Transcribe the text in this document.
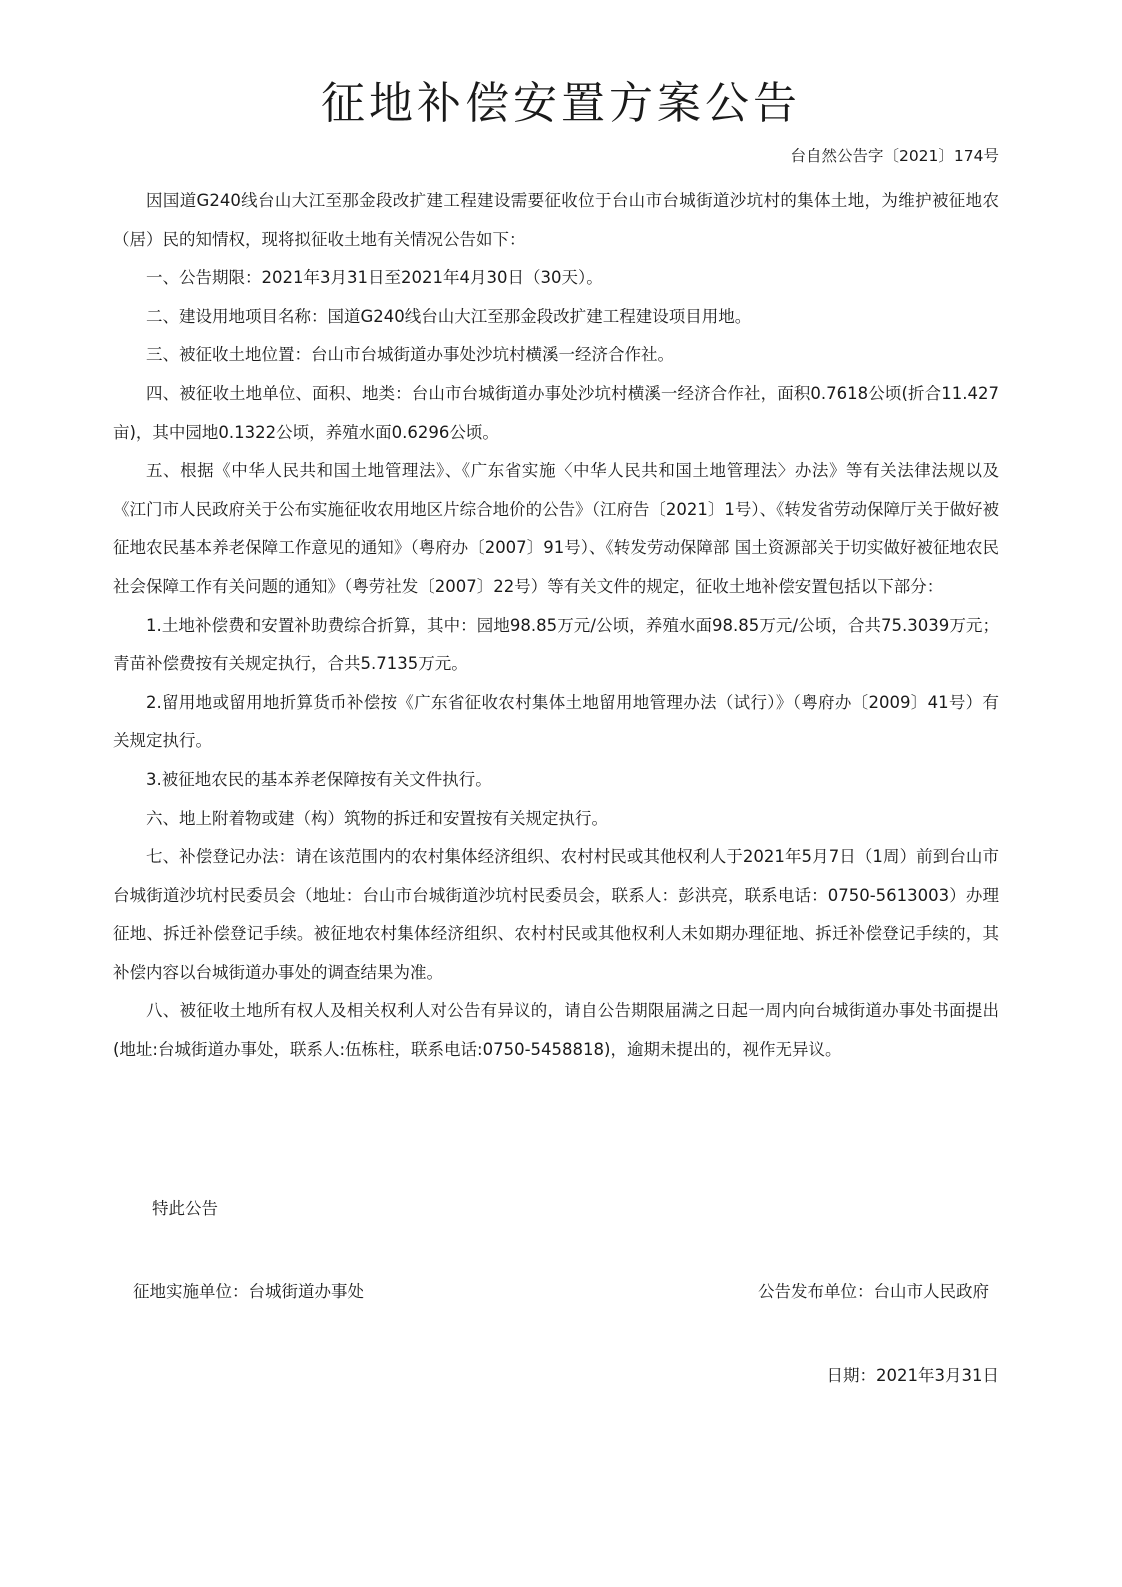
征地补偿安置方案公告
台自然公告字〔2021〕174号

因国道G240线台山大江至那金段改扩建工程建设需要征收位于台山市台城街道沙坑村的集体土地，为维护被征地农（居）民的知情权，现将拟征收土地有关情况公告如下：

一、公告期限：2021年3月31日至2021年4月30日（30天）。

二、建设用地项目名称：国道G240线台山大江至那金段改扩建工程建设项目用地。

三、被征收土地位置：台山市台城街道办事处沙坑村横溪一经济合作社。

四、被征收土地单位、面积、地类：台山市台城街道办事处沙坑村横溪一经济合作社，面积0.7618公顷(折合11.427亩)，其中园地0.1322公顷，养殖水面0.6296公顷。

五、根据《中华人民共和国土地管理法》、《广东省实施〈中华人民共和国土地管理法〉办法》等有关法律法规以及《江门市人民政府关于公布实施征收农用地区片综合地价的公告》（江府告〔2021〕1号）、《转发省劳动保障厅关于做好被征地农民基本养老保障工作意见的通知》（粤府办〔2007〕91号）、《转发劳动保障部 国土资源部关于切实做好被征地农民社会保障工作有关问题的通知》（粤劳社发〔2007〕22号）等有关文件的规定，征收土地补偿安置包括以下部分：

1.土地补偿费和安置补助费综合折算，其中：园地98.85万元/公顷，养殖水面98.85万元/公顷，合共75.3039万元；青苗补偿费按有关规定执行，合共5.7135万元。

2.留用地或留用地折算货币补偿按《广东省征收农村集体土地留用地管理办法（试行）》（粤府办〔2009〕41号）有关规定执行。

3.被征地农民的基本养老保障按有关文件执行。

六、地上附着物或建（构）筑物的拆迁和安置按有关规定执行。

七、补偿登记办法：请在该范围内的农村集体经济组织、农村村民或其他权利人于2021年5月7日（1周）前到台山市台城街道沙坑村民委员会（地址：台山市台城街道沙坑村民委员会，联系人：彭洪亮，联系电话：0750-5613003）办理征地、拆迁补偿登记手续。被征地农村集体经济组织、农村村民或其他权利人未如期办理征地、拆迁补偿登记手续的，其补偿内容以台城街道办事处的调查结果为准。

八、被征收土地所有权人及相关权利人对公告有异议的，请自公告期限届满之日起一周内向台城街道办事处书面提出(地址:台城街道办事处，联系人:伍栋柱，联系电话:0750-5458818)，逾期未提出的，视作无异议。

特此公告
征地实施单位：台城街道办事处	公告发布单位：台山市人民政府
日期：2021年3月31日
